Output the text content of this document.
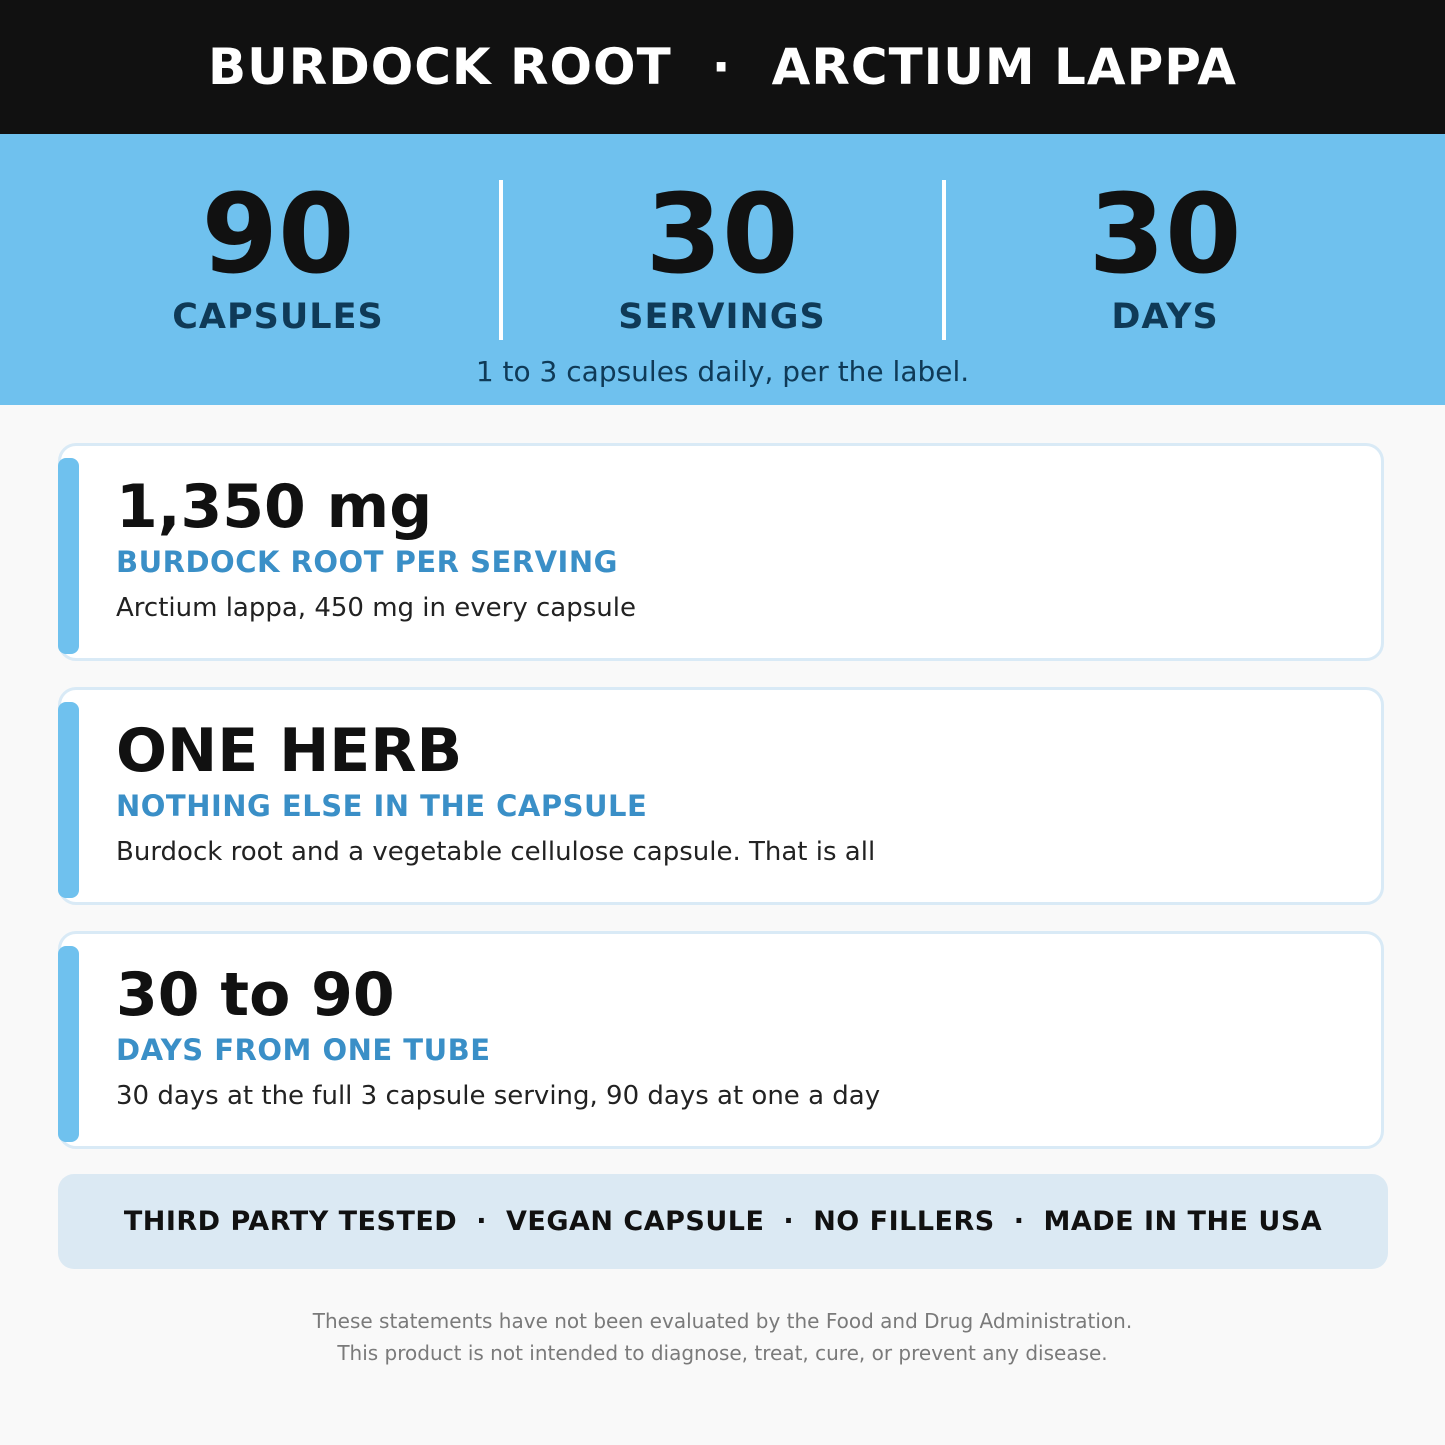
BURDOCK ROOT · ARCTIUM LAPPA
90
CAPSULES
30
SERVINGS
30
DAYS
1 to 3 capsules daily, per the label.
1,350 mg
BURDOCK ROOT PER SERVING
Arctium lappa, 450 mg in every capsule
ONE HERB
NOTHING ELSE IN THE CAPSULE
Burdock root and a vegetable cellulose capsule. That is all
30 to 90
DAYS FROM ONE TUBE
30 days at the full 3 capsule serving, 90 days at one a day
THIRD PARTY TESTED · VEGAN CAPSULE · NO FILLERS · MADE IN THE USA
These statements have not been evaluated by the Food and Drug Administration.
This product is not intended to diagnose, treat, cure, or prevent any disease.
